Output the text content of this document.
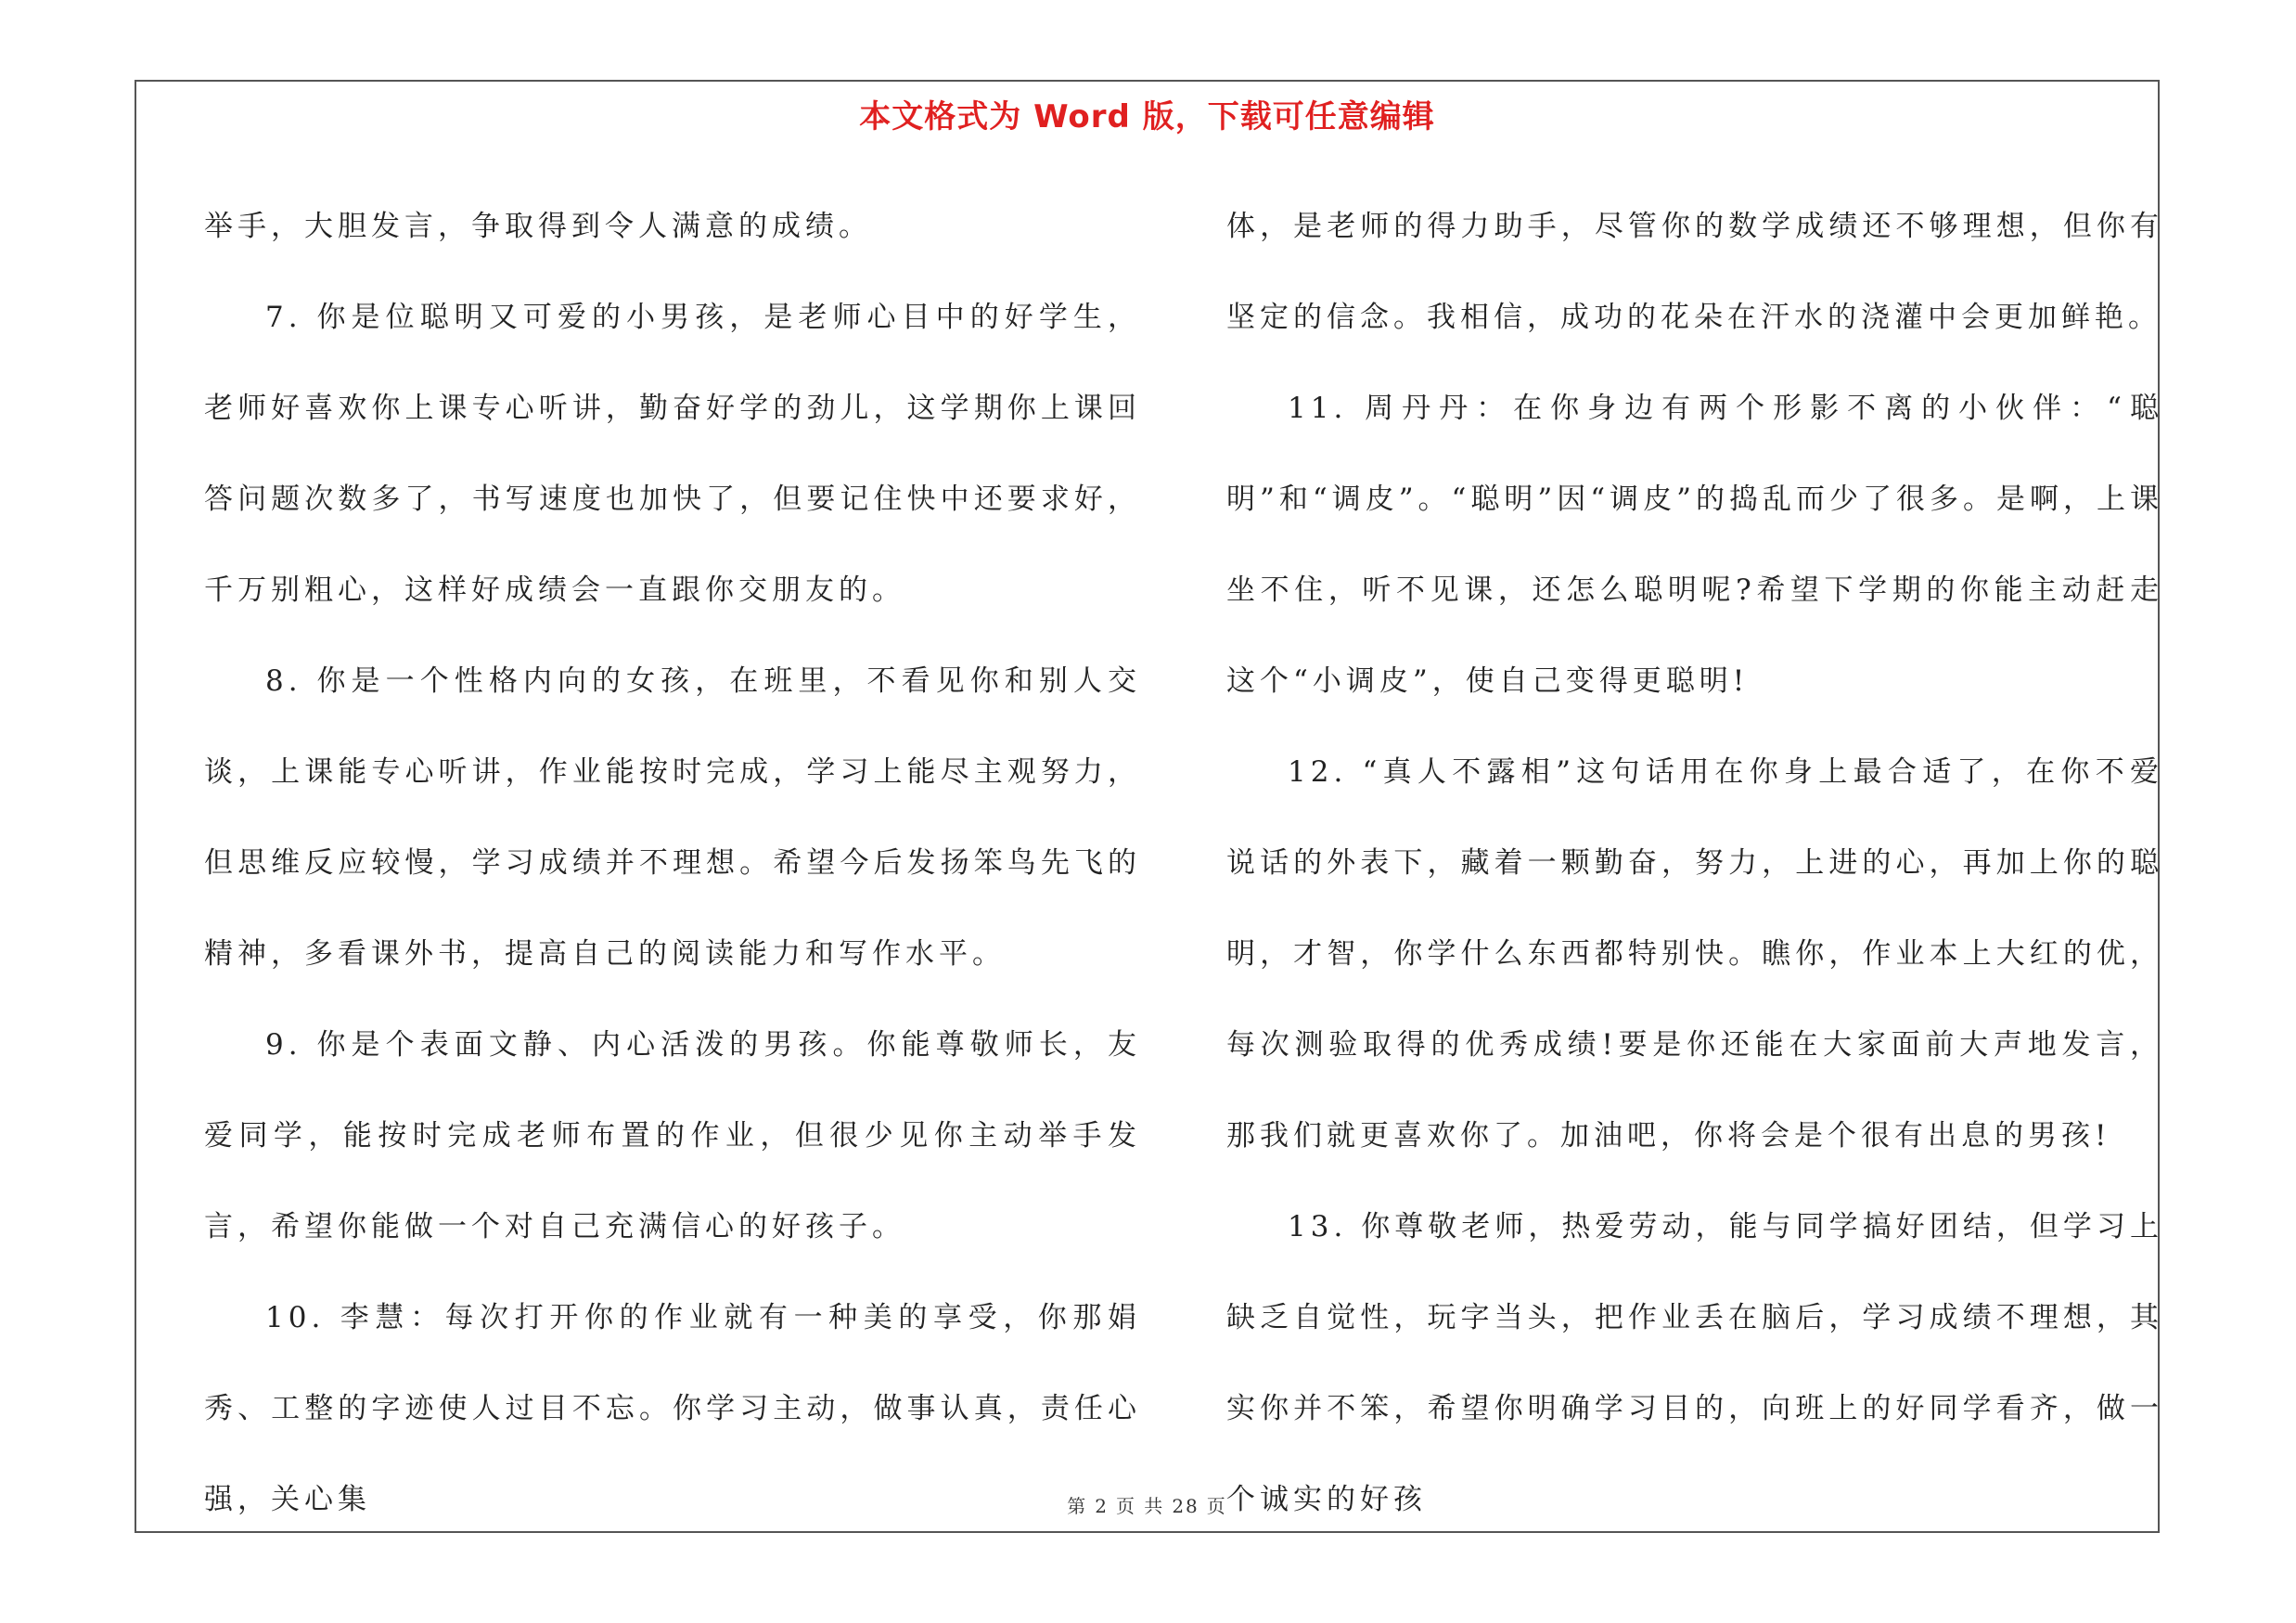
本文格式为 Word 版，下载可任意编辑

举手，大胆发言，争取得到令人满意的成绩。

7. 你是位聪明又可爱的小男孩，是老师心目中的好学生，老师好喜欢你上课专心听讲，勤奋好学的劲儿，这学期你上课回答问题次数多了，书写速度也加快了，但要记住快中还要求好，千万别粗心，这样好成绩会一直跟你交朋友的。

8. 你是一个性格内向的女孩，在班里，不看见你和别人交谈，上课能专心听讲，作业能按时完成，学习上能尽主观努力，但思维反应较慢，学习成绩并不理想。希望今后发扬笨鸟先飞的精神，多看课外书，提高自己的阅读能力和写作水平。

9. 你是个表面文静、内心活泼的男孩。你能尊敬师长，友爱同学，能按时完成老师布置的作业，但很少见你主动举手发言，希望你能做一个对自己充满信心的好孩子。

10. 李慧：每次打开你的作业就有一种美的享受，你那娟秀、工整的字迹使人过目不忘。你学习主动，做事认真，责任心强，关心集

体，是老师的得力助手，尽管你的数学成绩还不够理想，但你有坚定的信念。我相信，成功的花朵在汗水的浇灌中会更加鲜艳。

11. 周丹丹：在你身边有两个形影不离的小伙伴：“聪明”和“调皮”。“聪明”因“调皮”的捣乱而少了很多。是啊，上课坐不住，听不见课，还怎么聪明呢?希望下学期的你能主动赶走这个“小调皮”，使自己变得更聪明!

12. “真人不露相”这句话用在你身上最合适了，在你不爱说话的外表下，藏着一颗勤奋，努力，上进的心，再加上你的聪明，才智，你学什么东西都特别快。瞧你，作业本上大红的优，每次测验取得的优秀成绩!要是你还能在大家面前大声地发言，那我们就更喜欢你了。加油吧，你将会是个很有出息的男孩!

13. 你尊敬老师，热爱劳动，能与同学搞好团结，但学习上缺乏自觉性，玩字当头，把作业丢在脑后，学习成绩不理想，其实你并不笨，希望你明确学习目的，向班上的好同学看齐，做一个诚实的好孩

第 2 页 共 28 页
